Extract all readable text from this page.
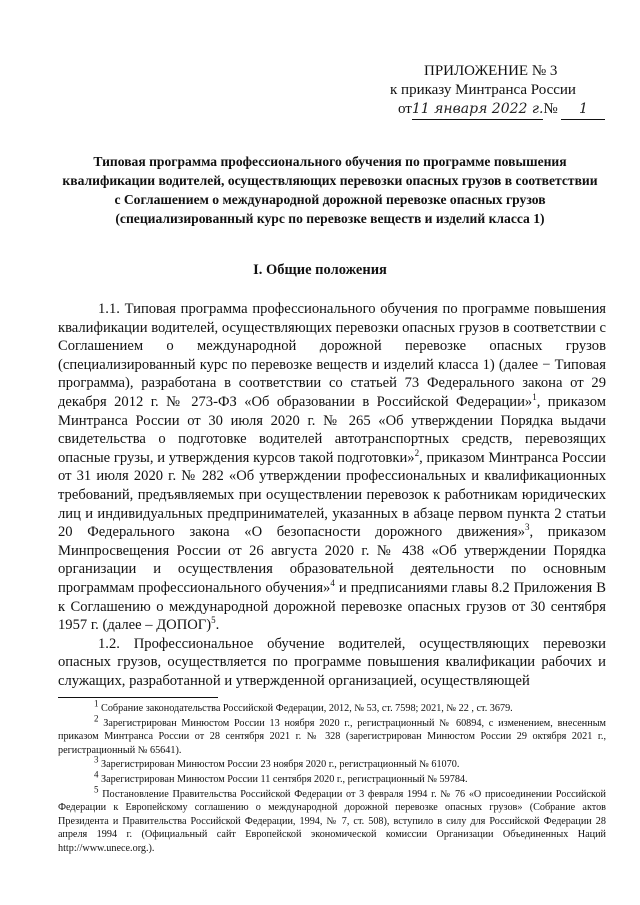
ПРИЛОЖЕНИЕ № 3
к приказу Минтранса России
от11 января 2022 г.№ 1
Типовая программа профессионального обучения по программе повышения квалификации водителей, осуществляющих перевозки опасных грузов в соответствии с Соглашением о международной дорожной перевозке опасных грузов (специализированный курс по перевозке веществ и изделий класса 1)
I. Общие положения

1.1. Типовая программа профессионального обучения по программе повышения квалификации водителей, осуществляющих перевозки опасных грузов в соответствии с Соглашением о международной дорожной перевозке опасных грузов (специализированный курс по перевозке веществ и изделий класса 1) (далее − Типовая программа), разработана в соответствии со статьей 73 Федерального закона от 29 декабря 2012 г. № 273-ФЗ «Об образовании в Российской Федерации»$^1$, приказом Минтранса России от 30 июля 2020 г. № 265 «Об утверждении Порядка выдачи свидетельства о подготовке водителей автотранспортных средств, перевозящих опасные грузы, и утверждения курсов такой подготовки»$^2$, приказом Минтранса России от 31 июля 2020 г. № 282 «Об утверждении профессиональных и квалификационных требований, предъявляемых при осуществлении перевозок к работникам юридических лиц и индивидуальных предпринимателей, указанных в абзаце первом пункта 2 статьи 20 Федерального закона «О безопасности дорожного движения»$^3$, приказом Минпросвещения России от 26 августа 2020 г. № 438 «Об утверждении Порядка организации и осуществления образовательной деятельности по основным программам профессионального обучения»$^4$ и предписаниями главы 8.2 Приложения В к Соглашению о международной дорожной перевозке опасных грузов от 30 сентября 1957 г. (далее – ДОПОГ)$^5$.

1.2. Профессиональное обучение водителей, осуществляющих перевозки опасных грузов, осуществляется по программе повышения квалификации рабочих и служащих, разработанной и утвержденной организацией, осуществляющей

$^1$ Собрание законодательства Российской Федерации, 2012, № 53, ст. 7598; 2021, № 22 , ст. 3679.

$^2$ Зарегистрирован Минюстом России 13 ноября 2020 г., регистрационный № 60894, с изменением, внесенным приказом Минтранса России от 28 сентября 2021 г. № 328 (зарегистрирован Минюстом России 29 октября 2021 г., регистрационный № 65641).

$^3$ Зарегистрирован Минюстом России 23 ноября 2020 г., регистрационный № 61070.

$^4$ Зарегистрирован Минюстом России 11 сентября 2020 г., регистрационный № 59784.

$^5$ Постановление Правительства Российской Федерации от 3 февраля 1994 г. № 76 «О присоединении Российской Федерации к Европейскому соглашению о международной дорожной перевозке опасных грузов» (Собрание актов Президента и Правительства Российской Федерации, 1994, № 7, ст. 508), вступило в силу для Российской Федерации 28 апреля 1994 г. (Официальный сайт Европейской экономической комиссии Организации Объединенных Наций http://www.unece.org.).
